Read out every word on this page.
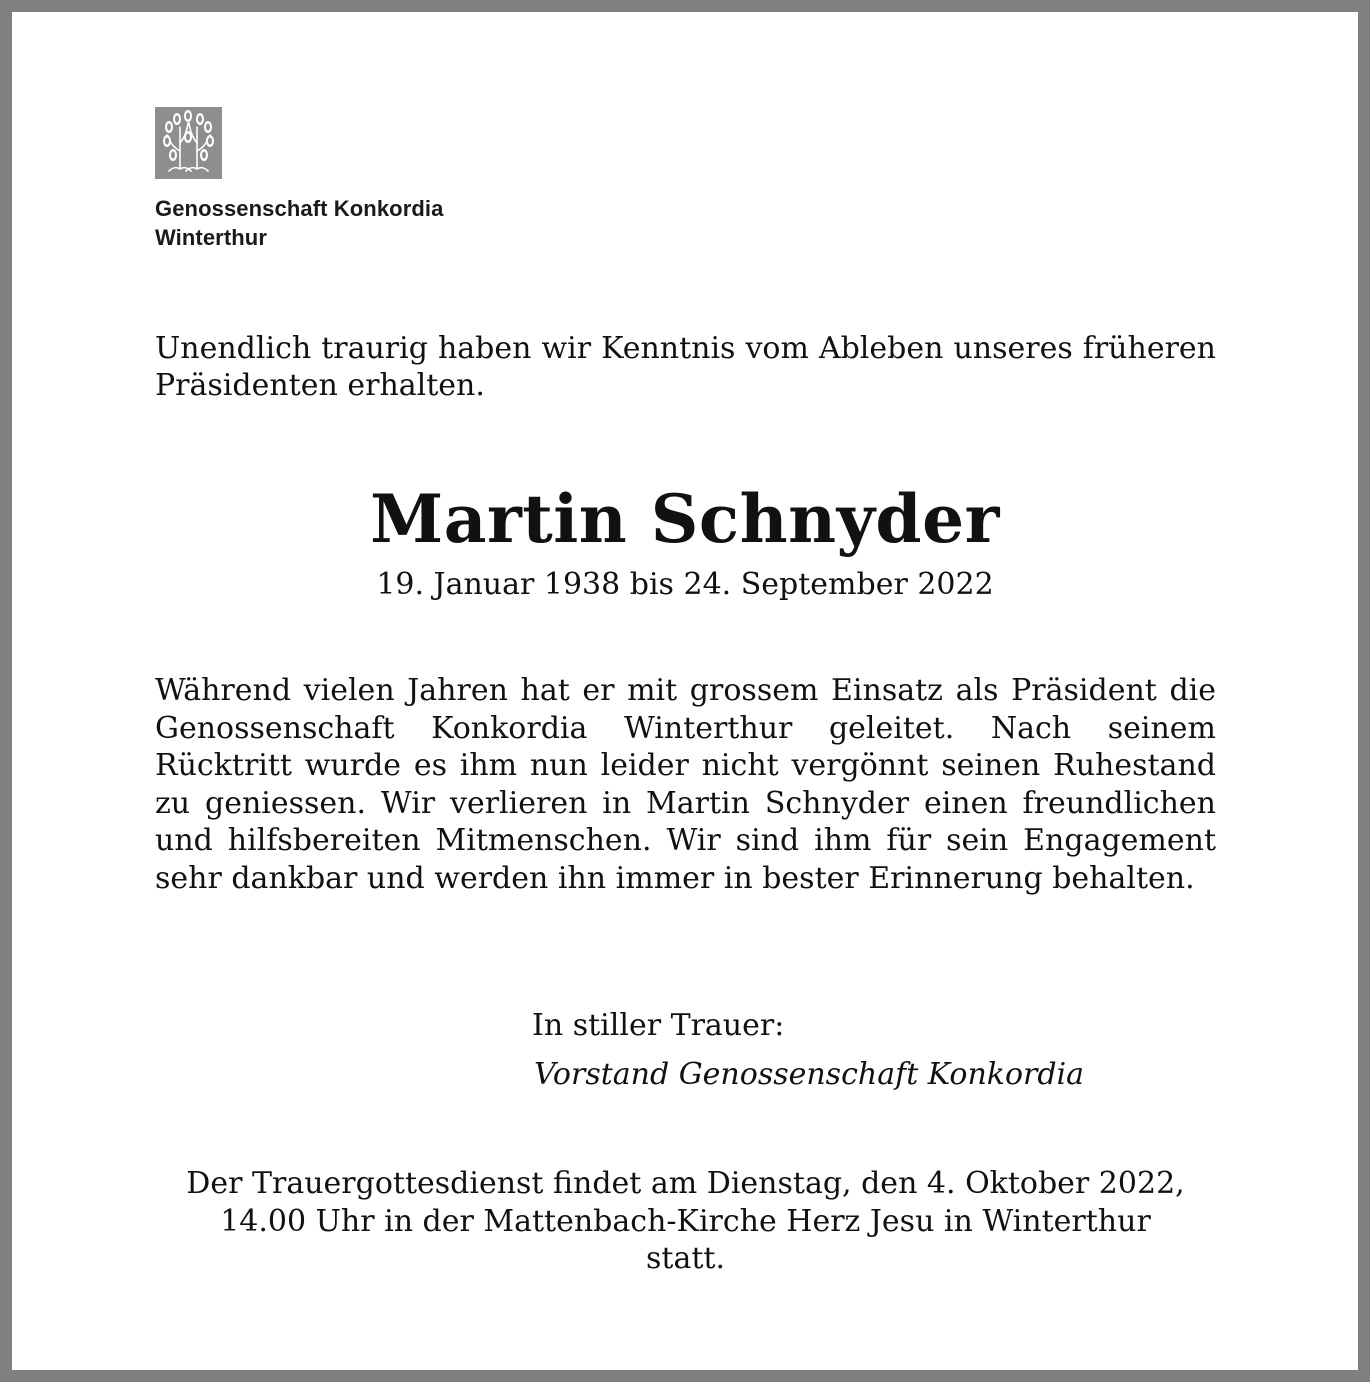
Genossenschaft Konkordia
Winterthur

Unendlich traurig haben wir Kenntnis vom Ableben unseres früheren Präsidenten erhalten.

Martin Schnyder
19. Januar 1938 bis 24. September 2022

Während vielen Jahren hat er mit grossem Einsatz als Präsident die Genossenschaft Konkordia Winterthur geleitet. Nach seinem Rücktritt wurde es ihm nun leider nicht vergönnt seinen Ruhestand zu geniessen. Wir verlieren in Martin Schnyder einen freundlichen und hilfsbereiten Mitmenschen. Wir sind ihm für sein Engagement sehr dankbar und werden ihn immer in bester Erinnerung behalten.

In stiller Trauer:
Vorstand Genossenschaft Konkordia
Der Trauergottesdienst findet am Dienstag, den 4. Oktober 2022,
14.00 Uhr in der Mattenbach-Kirche Herz Jesu in Winterthur
statt.
